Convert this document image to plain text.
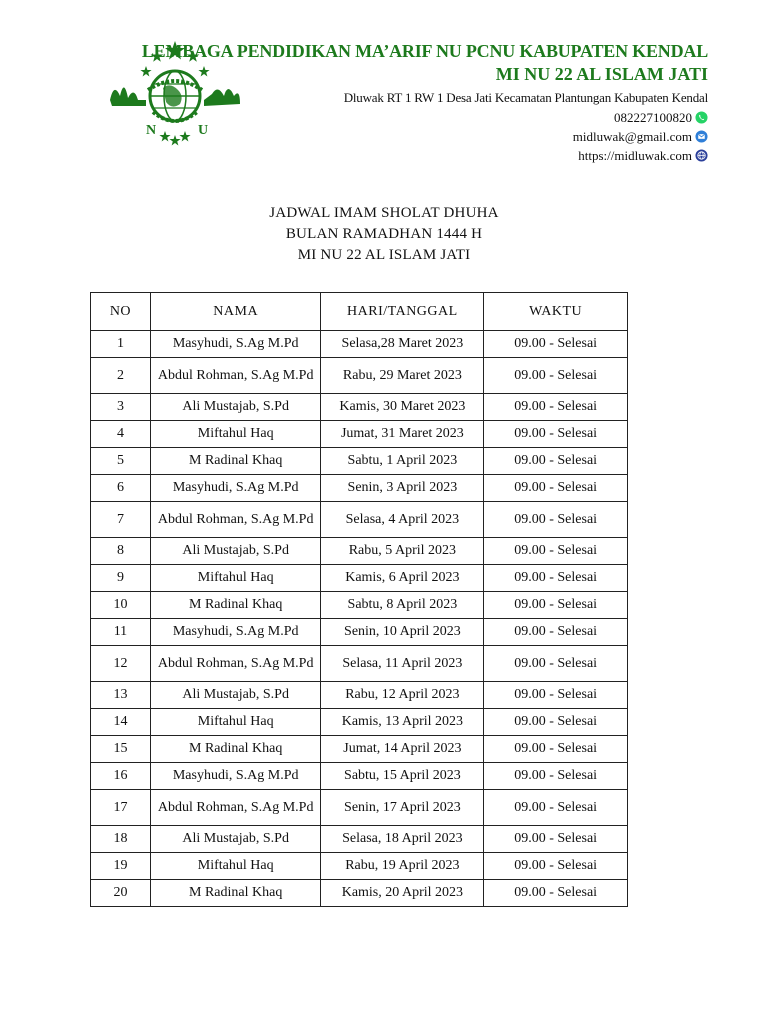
N	U
LEMBAGA PENDIDIKAN MA’ARIF NU PCNU KABUPATEN KENDAL
MI NU 22 AL ISLAM JATI
Dluwak RT 1 RW 1 Desa Jati Kecamatan Plantungan Kabupaten Kendal
082227100820
midluwak@gmail.com
https://midluwak.com
JADWAL IMAM SHOLAT DHUHA
BULAN RAMADHAN 1444 H
MI NU 22 AL ISLAM JATI
NO	NAMA	HARI/TANGGAL	WAKTU
1	Masyhudi, S.Ag M.Pd	Selasa,28 Maret 2023	09.00 - Selesai
2	Abdul Rohman, S.Ag M.Pd	Rabu, 29 Maret 2023	09.00 - Selesai
3	Ali Mustajab, S.Pd	Kamis, 30 Maret 2023	09.00 - Selesai
4	Miftahul Haq	Jumat, 31 Maret 2023	09.00 - Selesai
5	M Radinal Khaq	Sabtu, 1 April 2023	09.00 - Selesai
6	Masyhudi, S.Ag M.Pd	Senin, 3 April 2023	09.00 - Selesai
7	Abdul Rohman, S.Ag M.Pd	Selasa, 4 April 2023	09.00 - Selesai
8	Ali Mustajab, S.Pd	Rabu, 5 April 2023	09.00 - Selesai
9	Miftahul Haq	Kamis, 6 April 2023	09.00 - Selesai
10	M Radinal Khaq	Sabtu, 8 April 2023	09.00 - Selesai
11	Masyhudi, S.Ag M.Pd	Senin, 10 April 2023	09.00 - Selesai
12	Abdul Rohman, S.Ag M.Pd	Selasa, 11 April 2023	09.00 - Selesai
13	Ali Mustajab, S.Pd	Rabu, 12 April 2023	09.00 - Selesai
14	Miftahul Haq	Kamis, 13 April 2023	09.00 - Selesai
15	M Radinal Khaq	Jumat, 14 April 2023	09.00 - Selesai
16	Masyhudi, S.Ag M.Pd	Sabtu, 15 April 2023	09.00 - Selesai
17	Abdul Rohman, S.Ag M.Pd	Senin, 17 April 2023	09.00 - Selesai
18	Ali Mustajab, S.Pd	Selasa, 18 April 2023	09.00 - Selesai
19	Miftahul Haq	Rabu, 19 April 2023	09.00 - Selesai
20	M Radinal Khaq	Kamis, 20 April 2023	09.00 - Selesai
